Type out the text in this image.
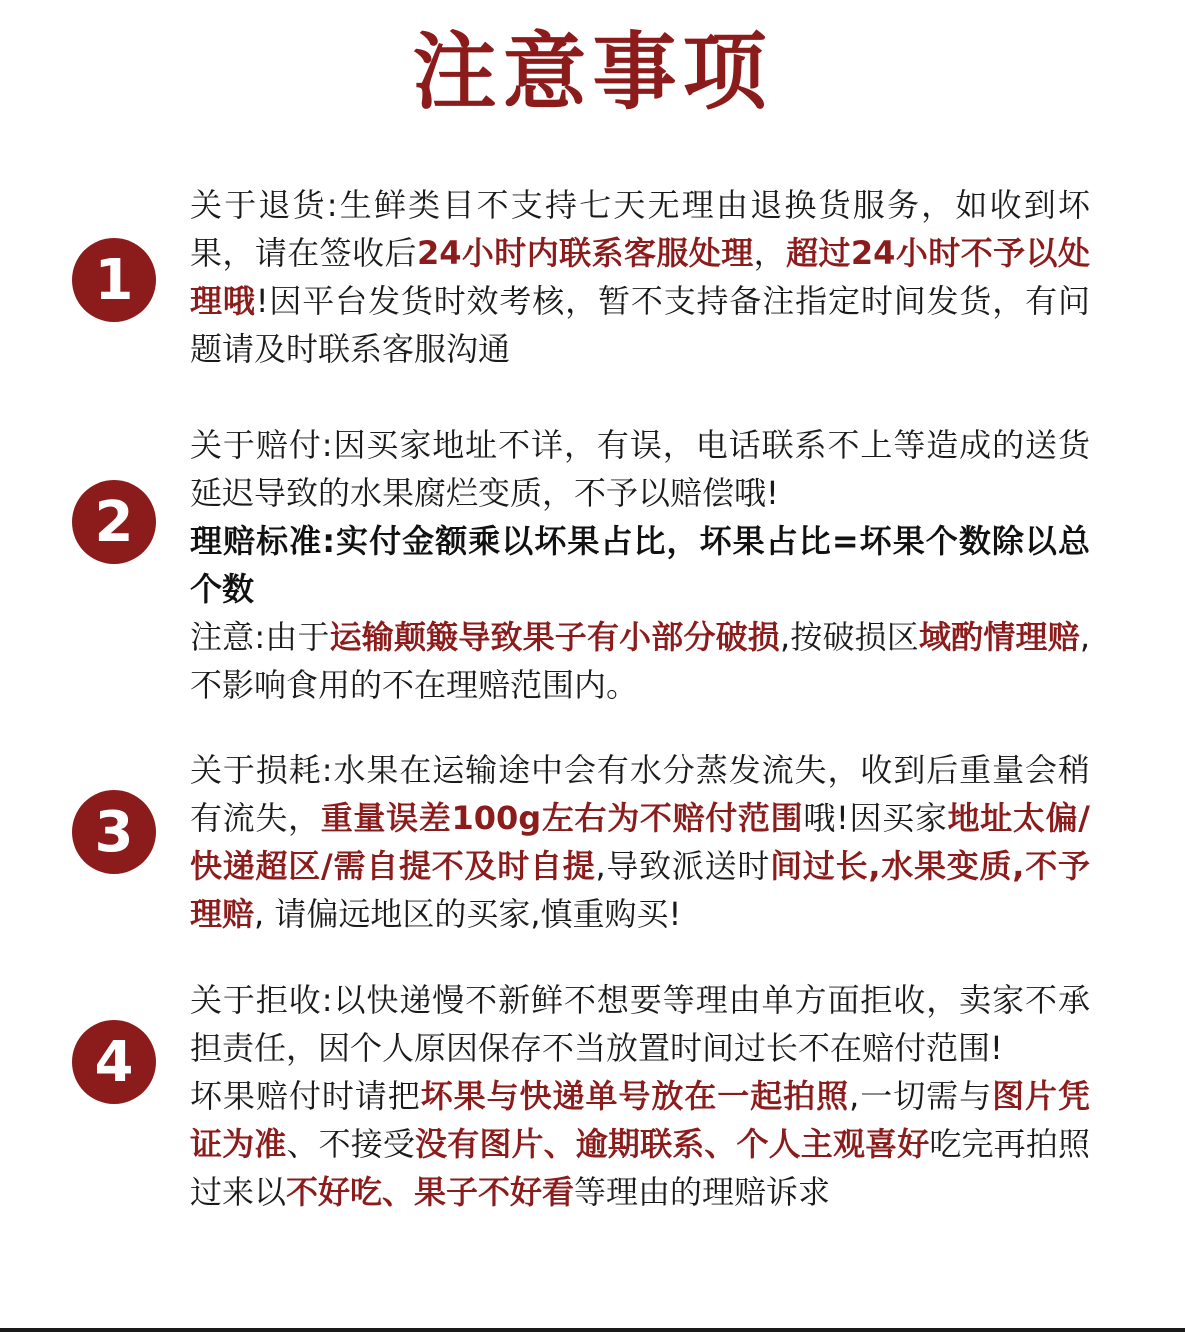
注意事项
1

关于退货:生鲜类目不支持七天无理由退换货服务，如收到坏果，请在签收后24小时内联系客服处理，超过24小时不予以处理哦!因平台发货时效考核，暂不支持备注指定时间发货，有问题请及时联系客服沟通

2

关于赔付:因买家地址不详，有误，电话联系不上等造成的送货延迟导致的水果腐烂变质，不予以赔偿哦!

理赔标准:实付金额乘以坏果占比，坏果占比=坏果个数除以总个数

注意:由于运输颠簸导致果子有小部分破损,按破损区域酌情理赔,不影响食用的不在理赔范围内。

3

关于损耗:水果在运输途中会有水分蒸发流失，收到后重量会稍有流失，重量误差100g左右为不赔付范围哦!因买家地址太偏/快递超区/需自提不及时自提,导致派送时间过长,水果变质,不予理赔, 请偏远地区的买家,慎重购买!

4

关于拒收:以快递慢不新鲜不想要等理由单方面拒收，卖家不承担责任，因个人原因保存不当放置时间过长不在赔付范围!

坏果赔付时请把坏果与快递单号放在一起拍照,一切需与图片凭证为准、不接受没有图片、逾期联系、个人主观喜好吃完再拍照过来以不好吃、果子不好看等理由的理赔诉求
